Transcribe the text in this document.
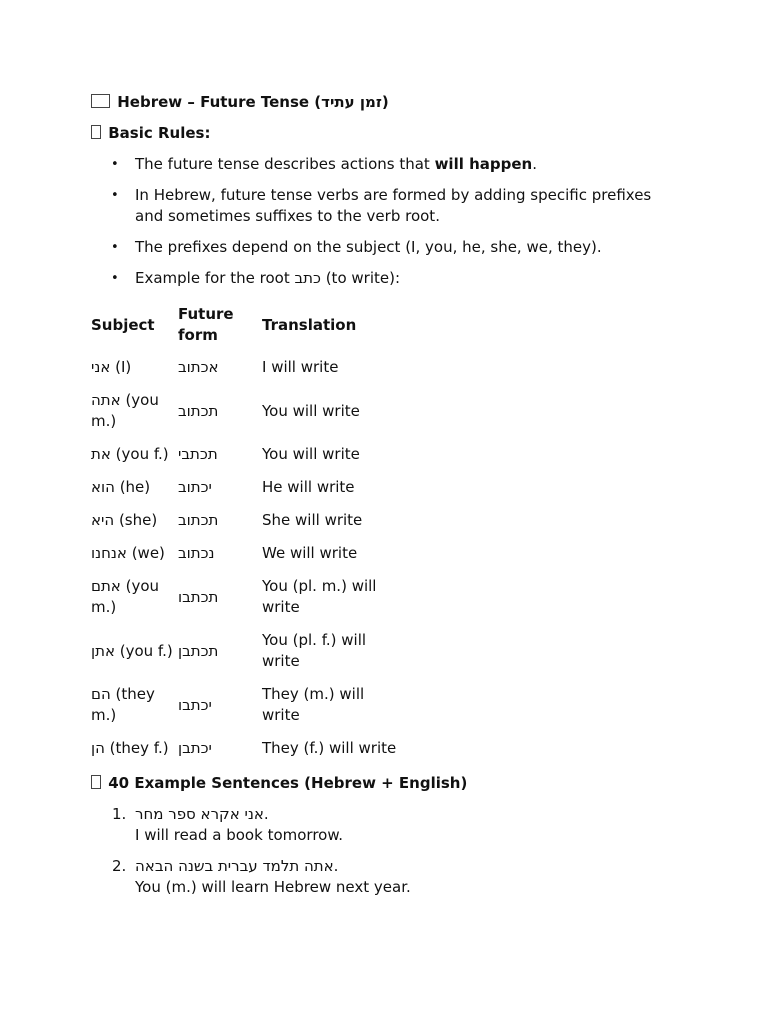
Hebrew – Future Tense (זמן עתיד)
Basic Rules:
• The future tense describes actions that will happen.
• In Hebrew, future tense verbs are formed by adding specific prefixes and sometimes suffixes to the verb root.
• The prefixes depend on the subject (I, you, he, she, we, they).
• Example for the root כתב (to write):
Subject	Future form	Translation
אני (I)	אכתוב	I will write
אתה (you m.)	תכתוב	You will write
את (you f.)	תכתבי	You will write
הוא (he)	יכתוב	He will write
היא (she)	תכתוב	She will write
אנחנו (we)	נכתוב	We will write
אתם (you m.)	תכתבו	You (pl. m.) will write
אתן (you f.)	תכתבן	You (pl. f.) will write
הם (they m.)	יכתבו	They (m.) will write
הן (they f.)	יכתבן	They (f.) will write
40 Example Sentences (Hebrew + English)
1. אני אקרא ספר מחר.
I will read a book tomorrow.
2. אתה תלמד עברית בשנה הבאה.
You (m.) will learn Hebrew next year.
